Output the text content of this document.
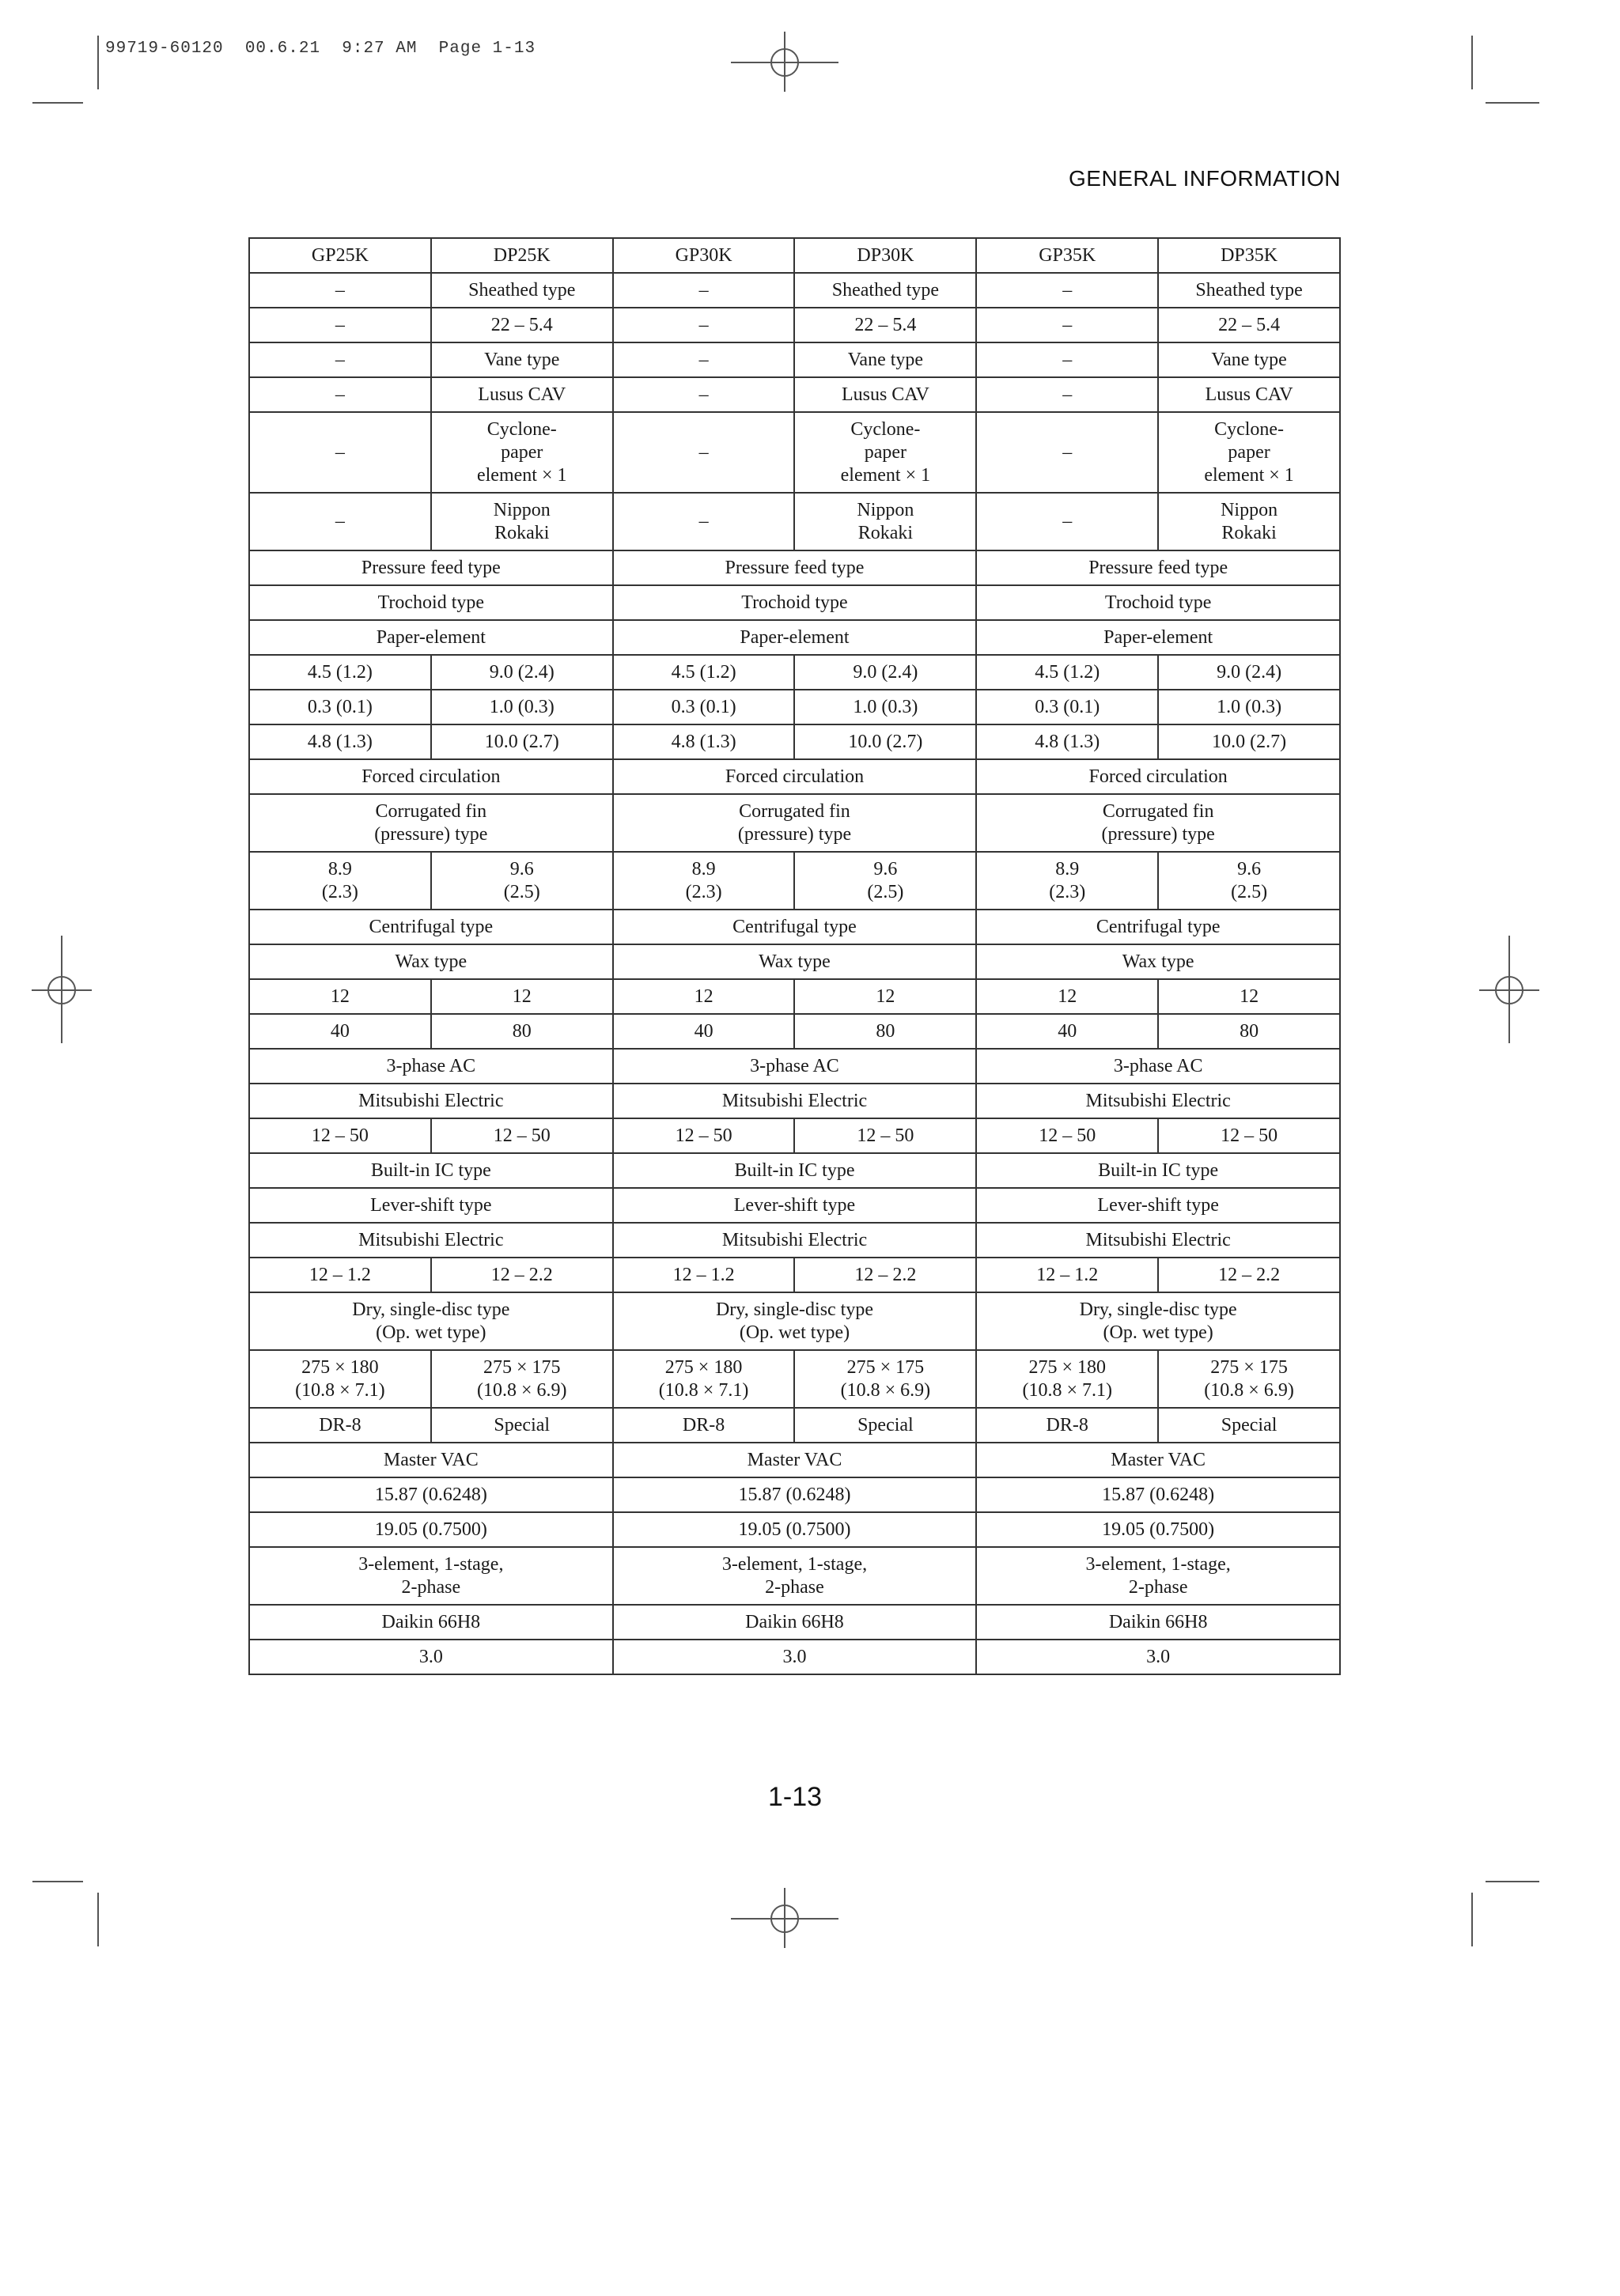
99719-60120  00.6.21  9:27 AM  Page 1-13
GENERAL INFORMATION
GP25K	DP25K	GP30K	DP30K	GP35K	DP35K
–	Sheathed type	–	Sheathed type	–	Sheathed type
–	22 – 5.4	–	22 – 5.4	–	22 – 5.4
–	Vane type	–	Vane type	–	Vane type
–	Lusus CAV	–	Lusus CAV	–	Lusus CAV
–	Cyclone-
paper
element × 1	–	Cyclone-
paper
element × 1	–	Cyclone-
paper
element × 1
–	Nippon
Rokaki	–	Nippon
Rokaki	–	Nippon
Rokaki
Pressure feed type		Pressure feed type		Pressure feed type	
Trochoid type		Trochoid type		Trochoid type	
Paper-element		Paper-element		Paper-element	
4.5 (1.2)	9.0 (2.4)	4.5 (1.2)	9.0 (2.4)	4.5 (1.2)	9.0 (2.4)
0.3 (0.1)	1.0 (0.3)	0.3 (0.1)	1.0 (0.3)	0.3 (0.1)	1.0 (0.3)
4.8 (1.3)	10.0 (2.7)	4.8 (1.3)	10.0 (2.7)	4.8 (1.3)	10.0 (2.7)
Forced circulation		Forced circulation		Forced circulation	
Corrugated fin
(pressure) type		Corrugated fin
(pressure) type		Corrugated fin
(pressure) type	
8.9
(2.3)	9.6
(2.5)	8.9
(2.3)	9.6
(2.5)	8.9
(2.3)	9.6
(2.5)
Centrifugal type		Centrifugal type		Centrifugal type	
Wax type		Wax type		Wax type	
12	12	12	12	12	12
40	80	40	80	40	80
3-phase AC		3-phase AC		3-phase AC	
Mitsubishi Electric		Mitsubishi Electric		Mitsubishi Electric	
12 – 50	12 – 50	12 – 50	12 – 50	12 – 50	12 – 50
Built-in IC type		Built-in IC type		Built-in IC type	
Lever-shift type		Lever-shift type		Lever-shift type	
Mitsubishi Electric		Mitsubishi Electric		Mitsubishi Electric	
12 – 1.2	12 – 2.2	12 – 1.2	12 – 2.2	12 – 1.2	12 – 2.2
Dry, single-disc type
(Op. wet type)		Dry, single-disc type
(Op. wet type)		Dry, single-disc type
(Op. wet type)	
275 × 180
(10.8 × 7.1)	275 × 175
(10.8 × 6.9)	275 × 180
(10.8 × 7.1)	275 × 175
(10.8 × 6.9)	275 × 180
(10.8 × 7.1)	275 × 175
(10.8 × 6.9)
DR-8	Special	DR-8	Special	DR-8	Special
Master VAC		Master VAC		Master VAC	
15.87 (0.6248)		15.87 (0.6248)		15.87 (0.6248)	
19.05 (0.7500)		19.05 (0.7500)		19.05 (0.7500)	
3-element, 1-stage,
2-phase		3-element, 1-stage,
2-phase		3-element, 1-stage,
2-phase	
Daikin 66H8		Daikin 66H8		Daikin 66H8	
3.0		3.0		3.0	
1-13
